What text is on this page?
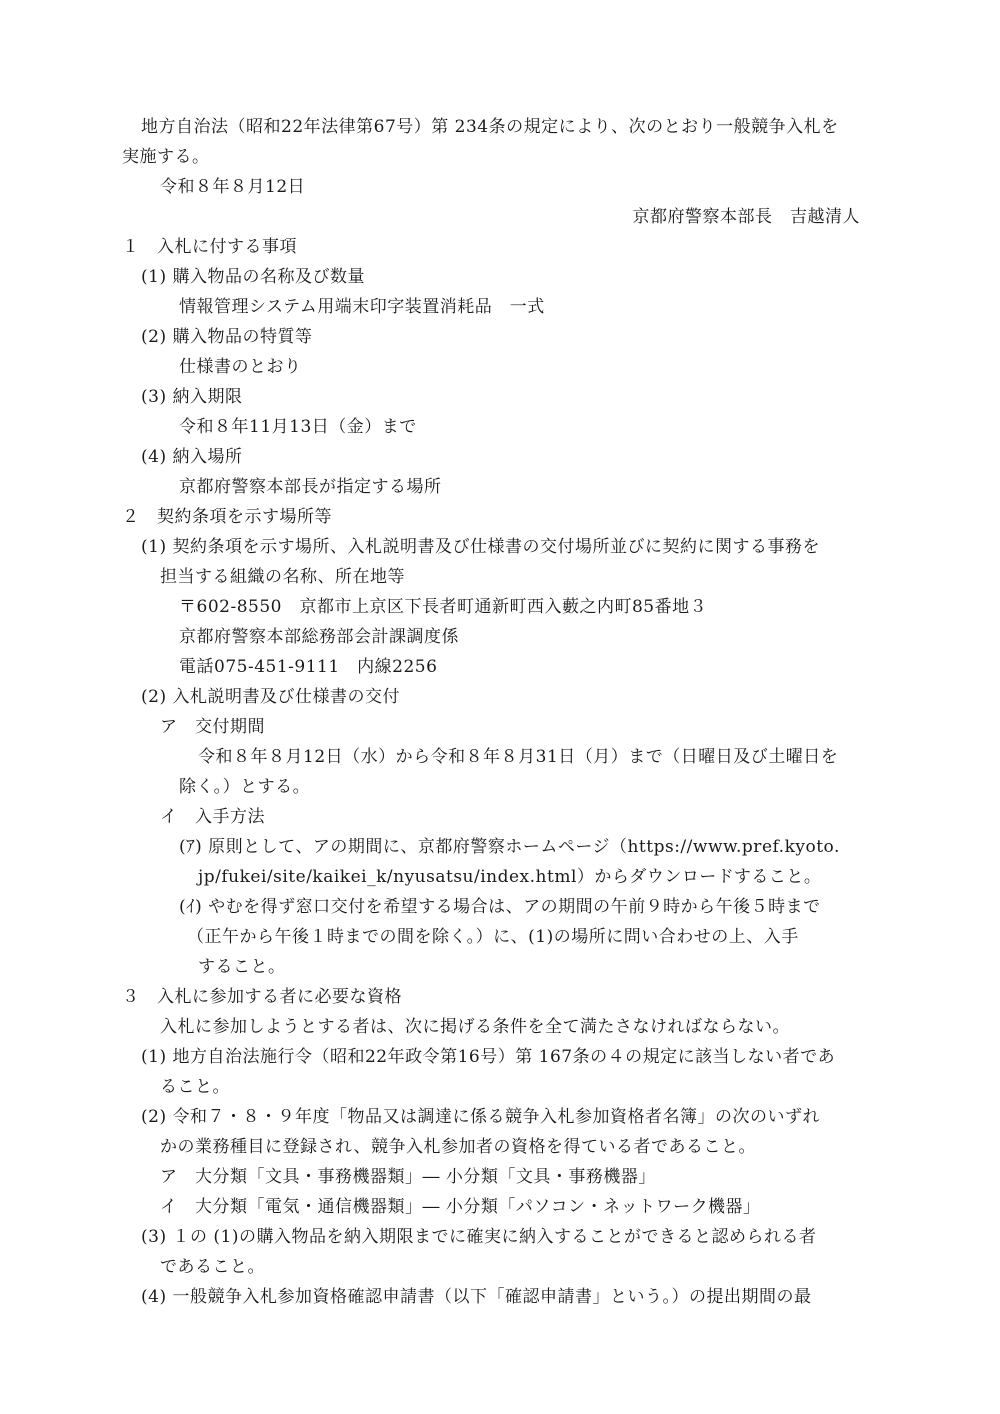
地方自治法（昭和22年法律第67号）第 234条の規定により、次のとおり一般競争入札を
実施する。
令和８年８月12日
京都府警察本部長　吉越清人
１　入札に付する事項
(1) 購入物品の名称及び数量
情報管理システム用端末印字装置消耗品　一式
(2) 購入物品の特質等
仕様書のとおり
(3) 納入期限
令和８年11月13日（金）まで
(4) 納入場所
京都府警察本部長が指定する場所
２　契約条項を示す場所等
(1) 契約条項を示す場所、入札説明書及び仕様書の交付場所並びに契約に関する事務を
担当する組織の名称、所在地等
〒602-8550　京都市上京区下長者町通新町西入藪之内町85番地３
京都府警察本部総務部会計課調度係
電話075-451-9111　内線2256
(2) 入札説明書及び仕様書の交付
ア　交付期間
令和８年８月12日（水）から令和８年８月31日（月）まで（日曜日及び土曜日を
除く。）とする。
イ　入手方法
(ｱ) 原則として、アの期間に、京都府警察ホームページ（https://www.pref.kyoto.
jp/fukei/site/kaikei_k/nyusatsu/index.html）からダウンロードすること。
(ｲ) やむを得ず窓口交付を希望する場合は、アの期間の午前９時から午後５時まで
（正午から午後１時までの間を除く。）に、(1)の場所に問い合わせの上、入手
すること。
３　入札に参加する者に必要な資格
入札に参加しようとする者は、次に掲げる条件を全て満たさなければならない。
(1) 地方自治法施行令（昭和22年政令第16号）第 167条の４の規定に該当しない者であ
ること。
(2) 令和７・８・９年度「物品又は調達に係る競争入札参加資格者名簿」の次のいずれ
かの業務種目に登録され、競争入札参加者の資格を得ている者であること。
ア　大分類「文具・事務機器類」― 小分類「文具・事務機器」
イ　大分類「電気・通信機器類」― 小分類「パソコン・ネットワーク機器」
(3) １の (1)の購入物品を納入期限までに確実に納入することができると認められる者
であること。
(4) 一般競争入札参加資格確認申請書（以下「確認申請書」という。）の提出期間の最
